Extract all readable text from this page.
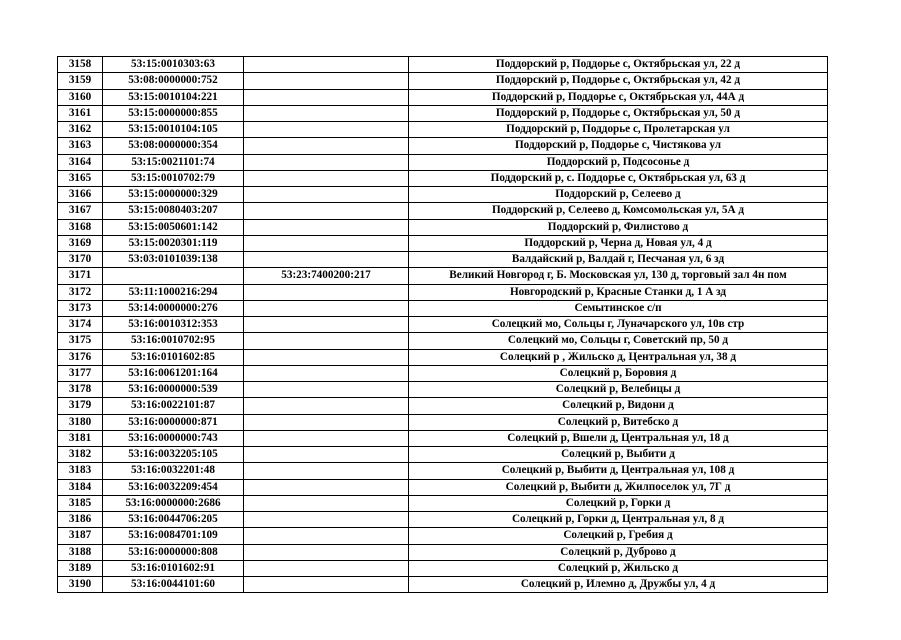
3158	53:15:0010303:63		Поддорский р, Поддорье с, Октябрьская ул, 22 д
3159	53:08:0000000:752		Поддорский р, Поддорье с, Октябрьская ул, 42 д
3160	53:15:0010104:221		Поддорский р, Поддорье с, Октябрьская ул, 44А д
3161	53:15:0000000:855		Поддорский р, Поддорье с, Октябрьская ул, 50 д
3162	53:15:0010104:105		Поддорский р, Поддорье с, Пролетарская ул
3163	53:08:0000000:354		Поддорский р, Поддорье с, Чистякова ул
3164	53:15:0021101:74		Поддорский р, Подсосонье д
3165	53:15:0010702:79		Поддорский р, с. Поддорье с, Октябрьская ул, 63 д
3166	53:15:0000000:329		Поддорский р, Селеево д
3167	53:15:0080403:207		Поддорский р, Селеево д, Комсомольская ул, 5А д
3168	53:15:0050601:142		Поддорский р, Филистово д
3169	53:15:0020301:119		Поддорский р, Черна д, Новая ул, 4 д
3170	53:03:0101039:138		Валдайский р, Валдай г, Песчаная ул, 6 зд
3171		53:23:7400200:217	Великий Новгород г, Б. Московская ул, 130 д, торговый зал 4н пом
3172	53:11:1000216:294		Новгородский р, Красные Станки д, 1 А зд
3173	53:14:0000000:276		Семытинское с/п
3174	53:16:0010312:353		Солецкий мо, Сольцы г, Луначарского ул, 10в стр
3175	53:16:0010702:95		Солецкий мо, Сольцы г, Советский пр, 50 д
3176	53:16:0101602:85		Солецкий р , Жильско д, Центральная ул, 38 д
3177	53:16:0061201:164		Солецкий р, Боровия д
3178	53:16:0000000:539		Солецкий р, Велебицы д
3179	53:16:0022101:87		Солецкий р, Видони д
3180	53:16:0000000:871		Солецкий р, Витебско д
3181	53:16:0000000:743		Солецкий р, Вшели д, Центральная ул, 18 д
3182	53:16:0032205:105		Солецкий р, Выбити д
3183	53:16:0032201:48		Солецкий р, Выбити д, Центральная ул, 108 д
3184	53:16:0032209:454		Солецкий р, Выбити д, Жилпоселок ул, 7Г д
3185	53:16:0000000:2686		Солецкий р, Горки д
3186	53:16:0044706:205		Солецкий р, Горки д, Центральная ул, 8 д
3187	53:16:0084701:109		Солецкий р, Гребия д
3188	53:16:0000000:808		Солецкий р, Дуброво д
3189	53:16:0101602:91		Солецкий р, Жильско д
3190	53:16:0044101:60		Солецкий р, Илемно д, Дружбы ул, 4 д
